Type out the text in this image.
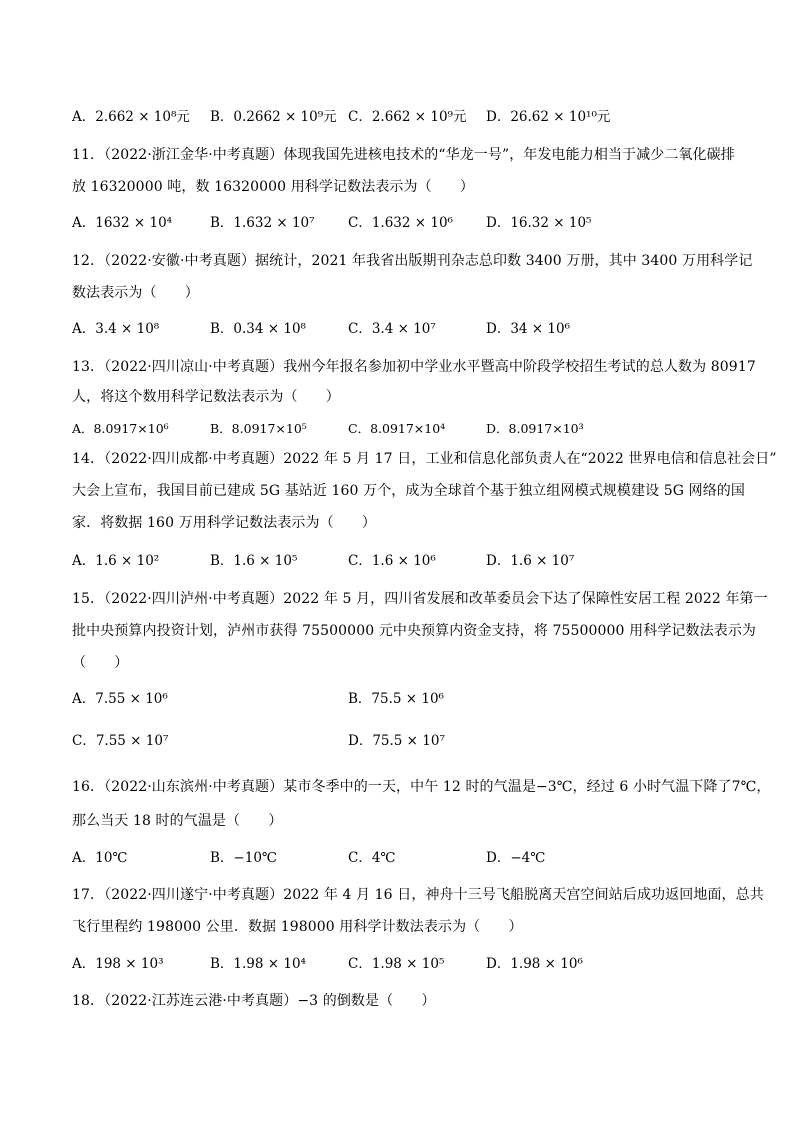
A．2.662 × 10⁸元 B．0.2662 × 10⁹元 C．2.662 × 10⁹元 D．26.62 × 10¹⁰元
11．（2022·浙江金华·中考真题）体现我国先进核电技术的“华龙一号”，年发电能力相当于减少二氧化碳排
放 16320000 吨，数 16320000 用科学记数法表示为（　　）
A．1632 × 10⁴	B．1.632 × 10⁷ C．1.632 × 10⁶ D．16.32 × 10⁵
12．（2022·安徽·中考真题）据统计，2021 年我省出版期刊杂志总印数 3400 万册，其中 3400 万用科学记
数法表示为（　　）
A．3.4 × 10⁸	B．0.34 × 10⁸	C．3.4 × 10⁷	D．34 × 10⁶
13．（2022·四川凉山·中考真题）我州今年报名参加初中学业水平暨高中阶段学校招生考试的总人数为 80917
人，将这个数用科学记数法表示为（　　）
A．8.0917×10⁶	B．8.0917×10⁵	C．8.0917×10⁴	D．8.0917×10³
14．（2022·四川成都·中考真题）2022 年 5 月 17 日，工业和信息化部负责人在“2022 世界电信和信息社会日”
大会上宣布，我国目前已建成 5G 基站近 160 万个，成为全球首个基于独立组网模式规模建设 5G 网络的国
家．将数据 160 万用科学记数法表示为（　　）
A．1.6 × 10²	B．1.6 × 10⁵	C．1.6 × 10⁶	D．1.6 × 10⁷
15．（2022·四川泸州·中考真题）2022 年 5 月，四川省发展和改革委员会下达了保障性安居工程 2022 年第一
批中央预算内投资计划，泸州市获得 75500000 元中央预算内资金支持，将 75500000 用科学记数法表示为
（　　）
A．7.55 × 10⁶	B．75.5 × 10⁶
C．7.55 × 10⁷	D．75.5 × 10⁷
16．（2022·山东滨州·中考真题）某市冬季中的一天，中午 12 时的气温是−3℃，经过 6 小时气温下降了7℃，
那么当天 18 时的气温是（　　）
A．10℃	B．−10℃	C．4℃	D．−4℃
17．（2022·四川遂宁·中考真题）2022 年 4 月 16 日，神舟十三号飞船脱离天宫空间站后成功返回地面，总共
飞行里程约 198000 公里．数据 198000 用科学计数法表示为（　　）
A．198 × 10³	B．1.98 × 10⁴	C．1.98 × 10⁵	D．1.98 × 10⁶
18．（2022·江苏连云港·中考真题）−3 的倒数是（　　）
